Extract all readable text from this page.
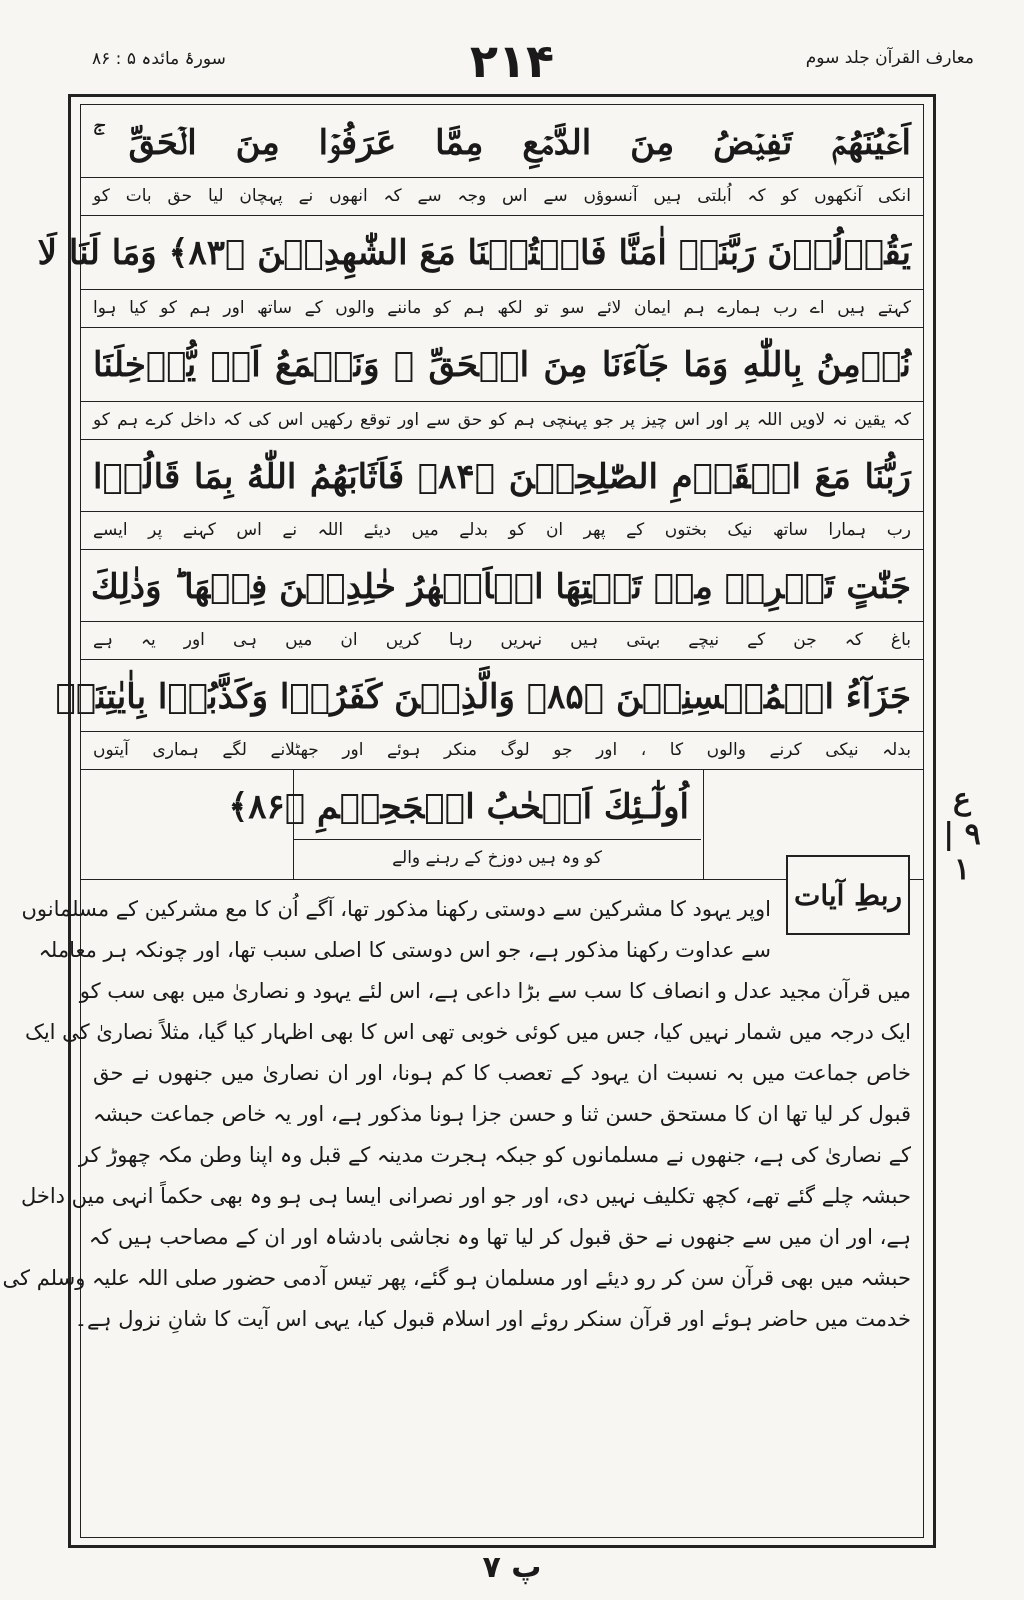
معارف القرآن جلد سوم
۲۱۴
سورۂ مائدہ ۵ : ۸۶
اَعۡيُنَهُمۡ تَفِيۡضُ مِنَ الدَّمۡعِ مِمَّا عَرَفُوۡا مِنَ الۡحَقِّ ۚ
انکی آنکھوں کو کہ اُبلتی ہیں آنسوؤں سے اس وجہ سے کہ انھوں نے پہچان لیا حق بات کو
يَقُوۡلُوۡنَ رَبَّنَاۤ اٰمَنَّا فَاكۡتُبۡنَا مَعَ الشّٰهِدِيۡنَ ﴿۸۳﴾ وَمَا لَنَا لَا
کہتے ہیں اے رب ہمارے ہم ایمان لائے سو تو لکھ ہم کو ماننے والوں کے ساتھ اور ہم کو کیا ہوا
نُؤۡمِنُ بِاللّٰهِ وَمَا جَآءَنَا مِنَ الۡحَقِّ ۙ وَنَطۡمَعُ اَنۡ يُّدۡخِلَنَا
کہ یقین نہ لاویں اللہ پر اور اس چیز پر جو پہنچی ہم کو حق سے اور توقع رکھیں اس کی کہ داخل کرے ہم کو
رَبُّنَا مَعَ الۡقَوۡمِ الصّٰلِحِيۡنَ ﴿۸۴﴾ فَاَثَابَهُمُ اللّٰهُ بِمَا قَالُوۡا
رب ہمارا ساتھ نیک بختوں کے پھر ان کو بدلے میں دیئے اللہ نے اس کہنے پر ایسے
جَنّٰتٍ تَجۡرِىۡ مِنۡ تَحۡتِهَا الۡاَنۡهٰرُ خٰلِدِيۡنَ فِيۡهَا ؕ وَذٰلِكَ
باغ کہ جن کے نیچے بہتی ہیں نہریں رہا کریں ان میں ہی اور یہ ہے
جَزَآءُ الۡمُحۡسِنِيۡنَ ﴿۸۵﴾ وَالَّذِيۡنَ كَفَرُوۡا وَكَذَّبُوۡا بِاٰيٰتِنَاۤ
بدلہ نیکی کرنے والوں کا ، اور جو لوگ منکر ہوئے اور جھٹلانے لگے ہماری آیتوں
اُولٰٓـئِكَ اَصۡحٰبُ الۡجَحِيۡمِ ﴿۸۶﴾
کو وہ ہیں دوزخ کے رہنے والے
ربطِ آیات
اوپر یہود کا مشرکین سے دوستی رکھنا مذکور تھا، آگے اُن کا مع مشرکین کے مسلمانوں
سے عداوت رکھنا مذکور ہے، جو اس دوستی کا اصلی سبب تھا، اور چونکہ ہر معاملہ
میں قرآن مجید عدل و انصاف کا سب سے بڑا داعی ہے، اس لئے یہود و نصاریٰ میں بھی سب کو
ایک درجہ میں شمار نہیں کیا، جس میں کوئی خوبی تھی اس کا بھی اظہار کیا گیا، مثلاً نصاریٰ کی ایک
خاص جماعت میں بہ نسبت ان یہود کے تعصب کا کم ہونا، اور ان نصاریٰ میں جنھوں نے حق
قبول کر لیا تھا ان کا مستحق حسن ثنا و حسن جزا ہونا مذکور ہے، اور یہ خاص جماعت حبشہ
کے نصاریٰ کی ہے، جنھوں نے مسلمانوں کو جبکہ ہجرت مدینہ کے قبل وہ اپنا وطن مکہ چھوڑ کر
حبشہ چلے گئے تھے، کچھ تکلیف نہیں دی، اور جو اور نصرانی ایسا ہی ہو وہ بھی حکماً انہی میں داخل
ہے، اور ان میں سے جنھوں نے حق قبول کر لیا تھا وہ نجاشی بادشاہ اور ان کے مصاحب ہیں کہ
حبشہ میں بھی قرآن سن کر رو دیئے اور مسلمان ہو گئے، پھر تیس آدمی حضور صلی اللہ علیہ وسلم کی
خدمت میں حاضر ہوئے اور قرآن سنکر روئے اور اسلام قبول کیا، یہی اس آیت کا شانِ نزول ہے۔
ع ۹ | ۱
پ ۷
